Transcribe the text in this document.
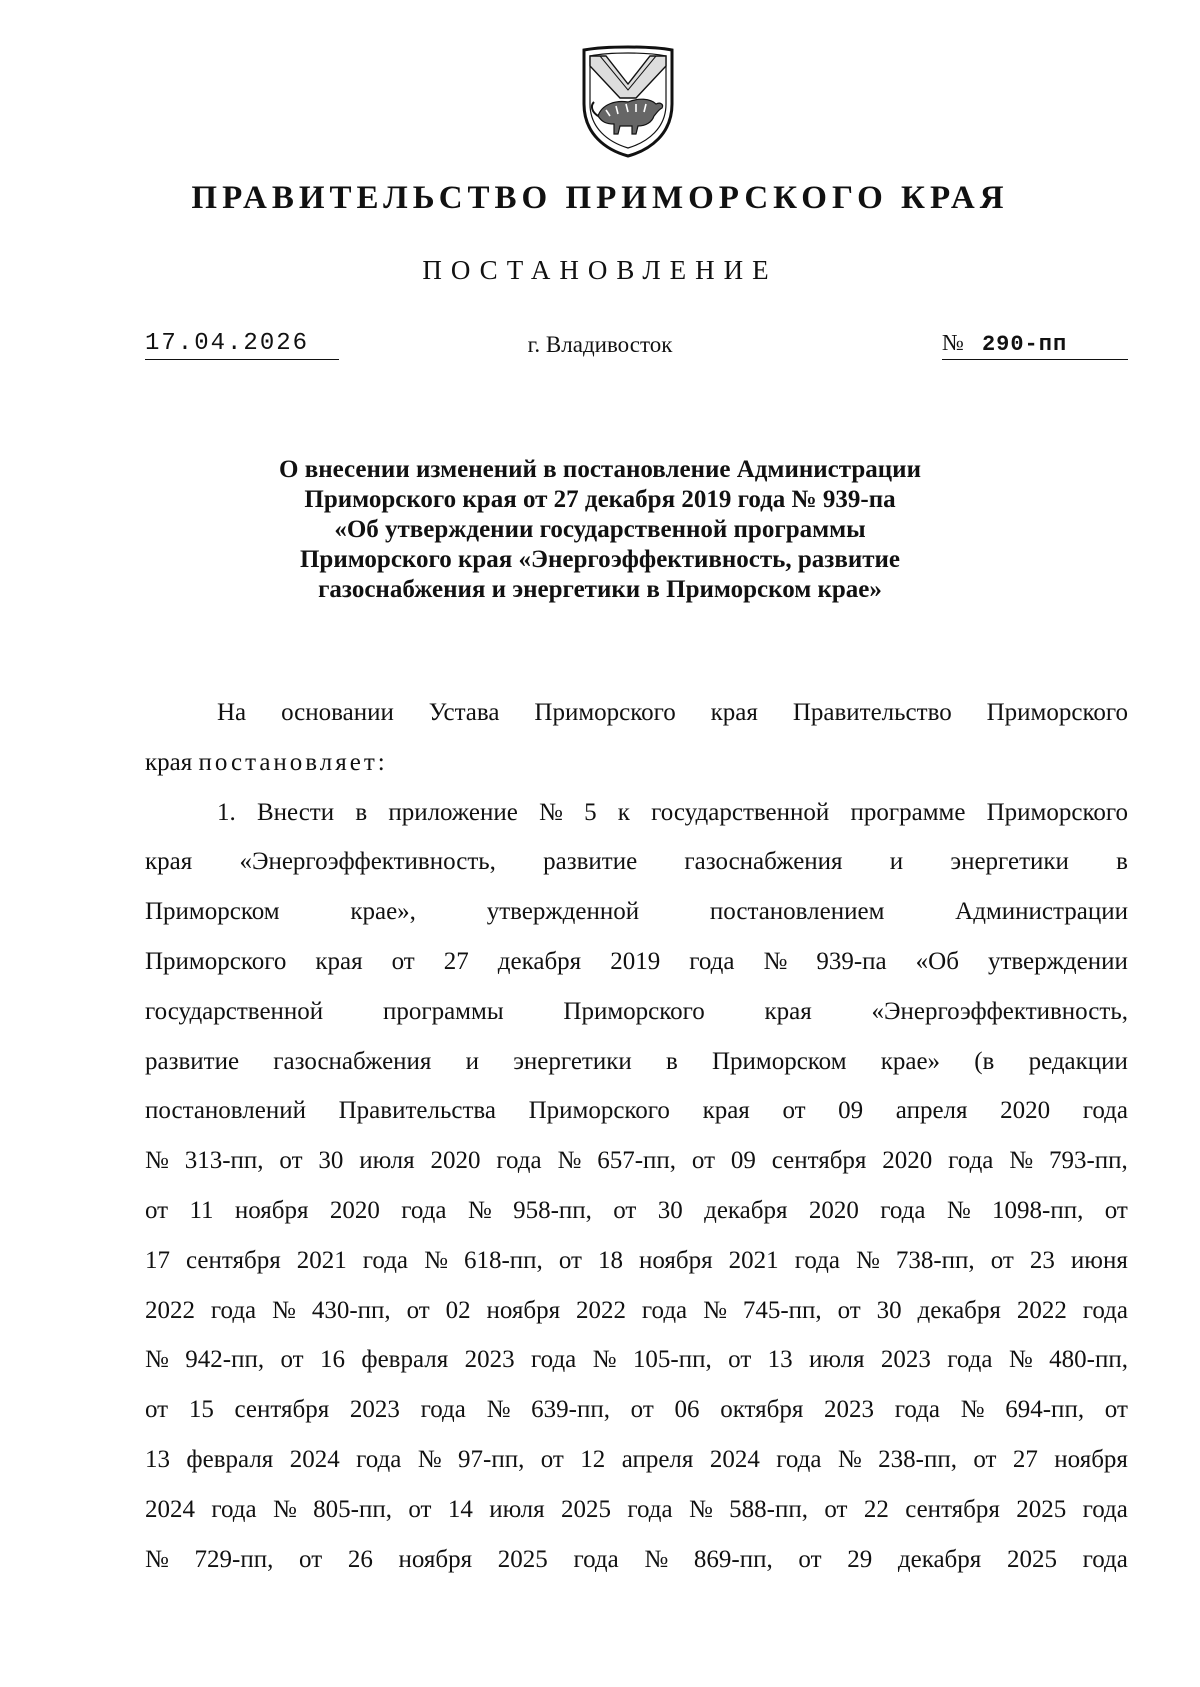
ПРАВИТЕЛЬСТВО ПРИМОРСКОГО КРАЯ
ПОСТАНОВЛЕНИЕ
17.04.2026	г. Владивосток	№ 290-пп
О внесении изменений в постановление Администрации
Приморского края от 27 декабря 2019 года № 939-па
«Об утверждении государственной программы
Приморского края «Энергоэффективность, развитие
газоснабжения и энергетики в Приморском крае»
На основании Устава Приморского края Правительство Приморского
края
постановляет:
1. Внести в приложение № 5 к государственной программе Приморского
края «Энергоэффективность, развитие газоснабжения и энергетики в
Приморском	крае»,	утвержденной	постановлением	Администрации
Приморского края от 27 декабря 2019 года № 939-па «Об утверждении
государственной программы Приморского края «Энергоэффективность,
развитие газоснабжения и энергетики в Приморском крае» (в редакции
постановлений Правительства Приморского края от 09 апреля 2020 года
№ 313-пп, от 30 июля 2020 года № 657-пп, от 09 сентября 2020 года № 793-пп,
от 11 ноября 2020 года № 958-пп, от 30 декабря 2020 года № 1098-пп, от
17 сентября 2021 года № 618-пп, от 18 ноября 2021 года № 738-пп, от 23 июня
2022 года № 430-пп, от 02 ноября 2022 года № 745-пп, от 30 декабря 2022 года
№ 942-пп, от 16 февраля 2023 года № 105-пп, от 13 июля 2023 года № 480-пп,
от 15 сентября 2023 года № 639-пп, от 06 октября 2023 года № 694-пп, от
13 февраля 2024 года № 97-пп, от 12 апреля 2024 года № 238-пп, от 27 ноября
2024 года № 805-пп, от 14 июля 2025 года № 588-пп, от 22 сентября 2025 года
№ 729-пп, от 26 ноября 2025 года № 869-пп, от 29 декабря 2025 года
